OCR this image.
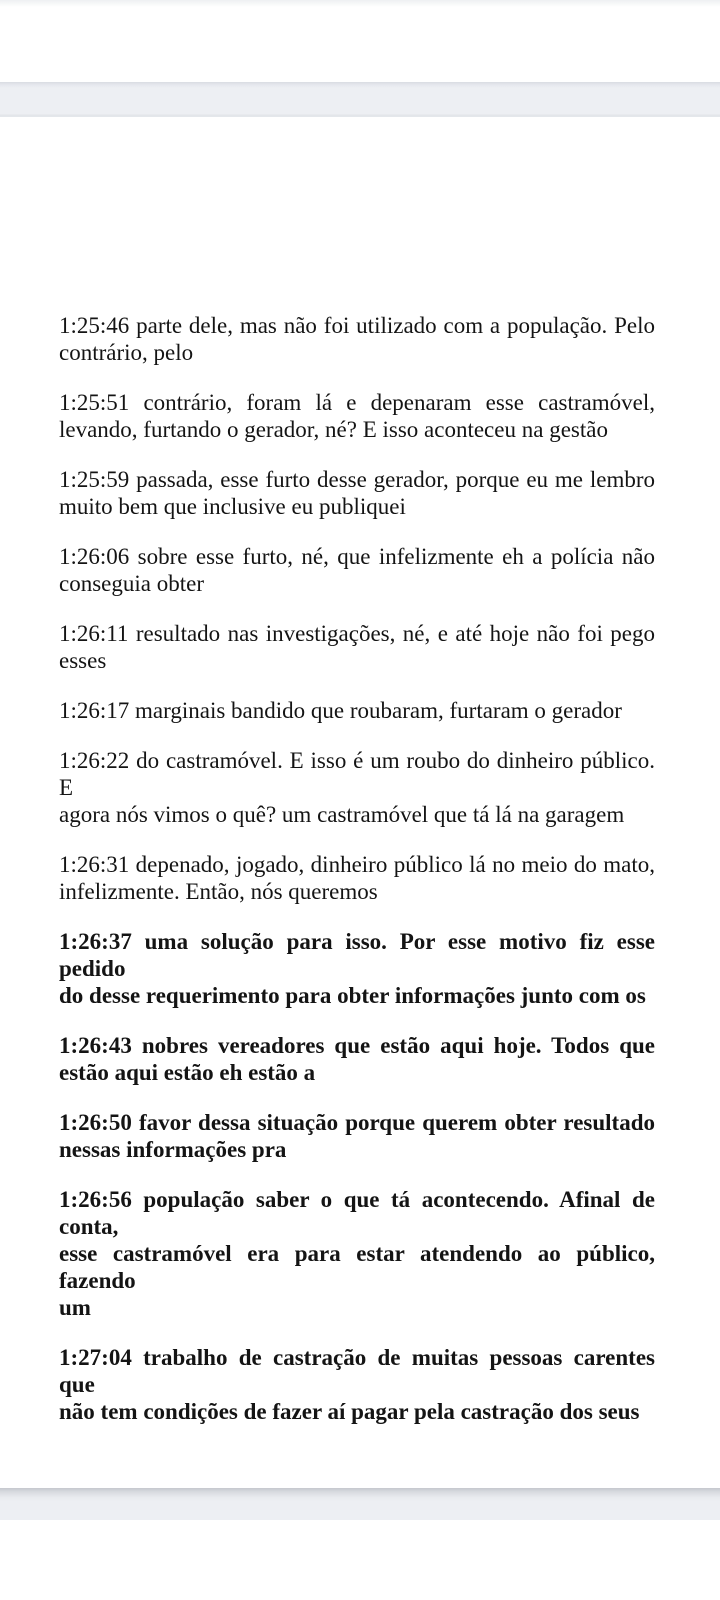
1:25:46 parte dele, mas não foi utilizado com a população. Pelo
contrário, pelo

1:25:51 contrário, foram lá e depenaram esse castramóvel,
levando, furtando o gerador, né? E isso aconteceu na gestão

1:25:59 passada, esse furto desse gerador, porque eu me lembro
muito bem que inclusive eu publiquei

1:26:06 sobre esse furto, né, que infelizmente eh a polícia não
conseguia obter

1:26:11 resultado nas investigações, né, e até hoje não foi pego
esses

1:26:17 marginais bandido que roubaram, furtaram o gerador

1:26:22 do castramóvel. E isso é um roubo do dinheiro público. E
agora nós vimos o quê? um castramóvel que tá lá na garagem

1:26:31 depenado, jogado, dinheiro público lá no meio do mato,
infelizmente. Então, nós queremos

1:26:37 uma solução para isso. Por esse motivo fiz esse pedido
do desse requerimento para obter informações junto com os

1:26:43 nobres vereadores que estão aqui hoje. Todos que
estão aqui estão eh estão a

1:26:50 favor dessa situação porque querem obter resultado
nessas informações pra

1:26:56 população saber o que tá acontecendo. Afinal de conta,
esse castramóvel era para estar atendendo ao público, fazendo
um

1:27:04 trabalho de castração de muitas pessoas carentes que
não tem condições de fazer aí pagar pela castração dos seus
